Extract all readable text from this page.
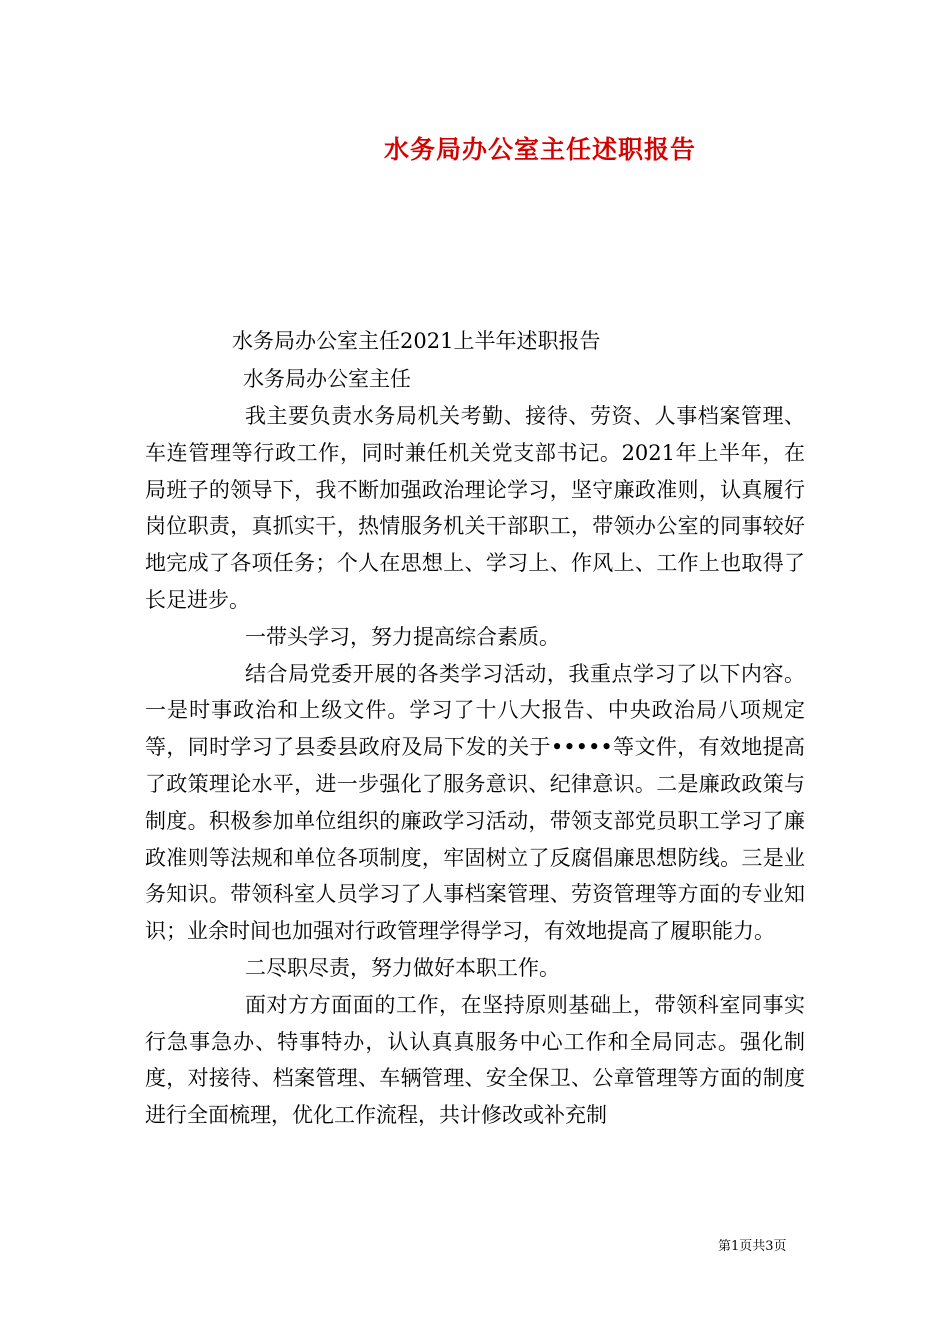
水务局办公室主任述职报告
水务局办公室主任2021上半年述职报告
水务局办公室主任

我主要负责水务局机关考勤、接待、劳资、人事档案管理、车连管理等行政工作，同时兼任机关党支部书记。2021年上半年，在局班子的领导下，我不断加强政治理论学习，坚守廉政准则，认真履行岗位职责，真抓实干，热情服务机关干部职工，带领办公室的同事较好地完成了各项任务；个人在思想上、学习上、作风上、工作上也取得了长足进步。

一带头学习，努力提高综合素质。

结合局党委开展的各类学习活动，我重点学习了以下内容。一是时事政治和上级文件。学习了十八大报告、中央政治局八项规定等，同时学习了县委县政府及局下发的关于•••••等文件，有效地提高了政策理论水平，进一步强化了服务意识、纪律意识。二是廉政政策与制度。积极参加单位组织的廉政学习活动，带领支部党员职工学习了廉政准则等法规和单位各项制度，牢固树立了反腐倡廉思想防线。三是业务知识。带领科室人员学习了人事档案管理、劳资管理等方面的专业知识；业余时间也加强对行政管理学得学习，有效地提高了履职能力。

二尽职尽责，努力做好本职工作。

面对方方面面的工作，在坚持原则基础上，带领科室同事实行急事急办、特事特办，认认真真服务中心工作和全局同志。强化制度，对接待、档案管理、车辆管理、安全保卫、公章管理等方面的制度进行全面梳理，优化工作流程，共计修改或补充制

第1页共3页
